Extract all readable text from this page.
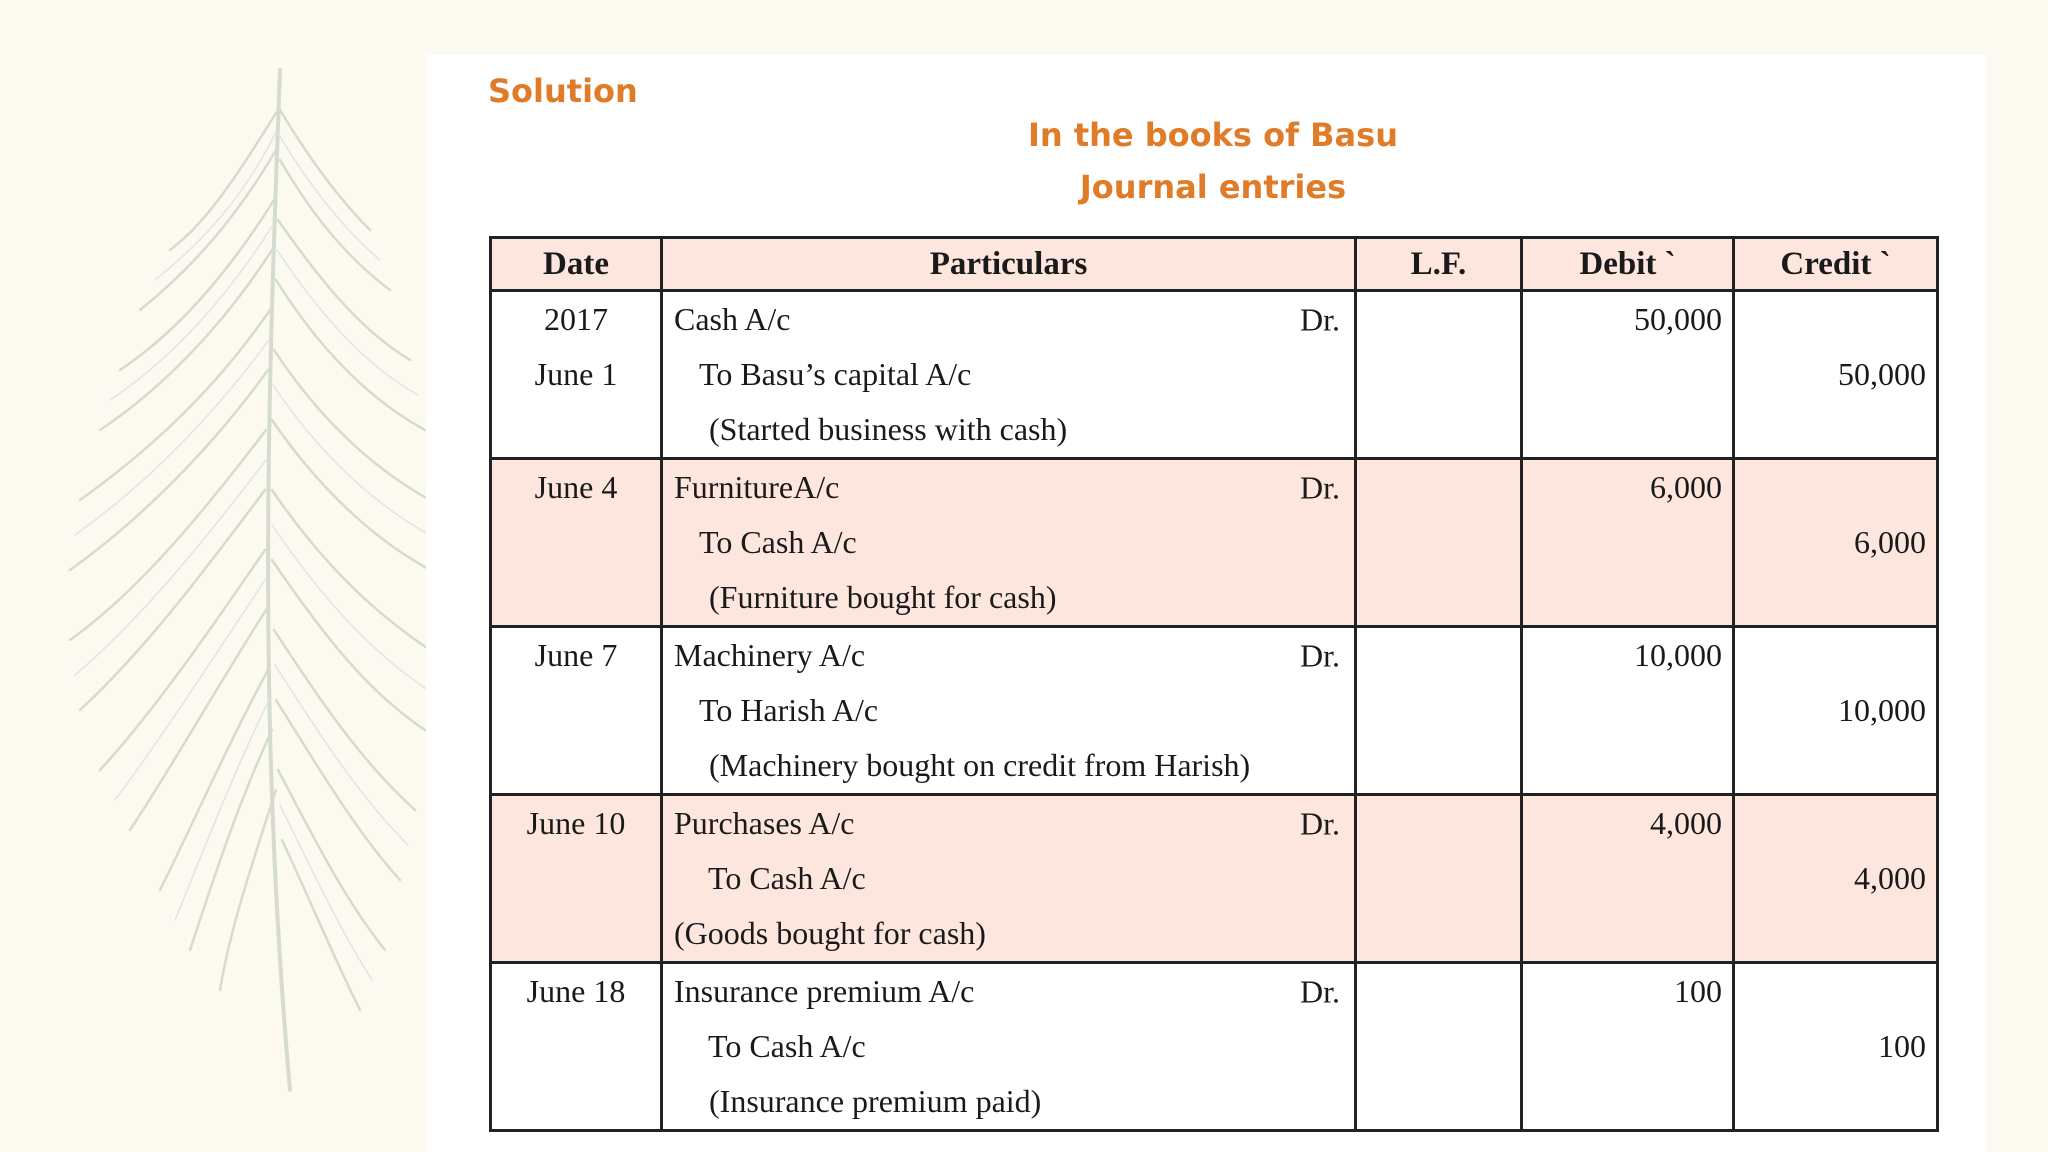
Solution
In the books of Basu
Journal entries
Date	Particulars	L.F.	Debit `	Credit `
2017	Cash A/c Dr.		50,000	
June 1	To Basu’s capital A/c			50,000

	(Started business with cash)			

June 4	FurnitureA/c Dr.		6,000	

	To Cash A/c			6,000

	(Furniture bought for cash)			

June 7	Machinery A/c Dr.		10,000	

	To Harish A/c			10,000

	(Machinery bought on credit from Harish)			

June 10	Purchases A/c Dr.		4,000	

	To Cash A/c			4,000

	(Goods bought for cash)			

June 18	Insurance premium A/c Dr.		100	

	To Cash A/c			100

	(Insurance premium paid)			
